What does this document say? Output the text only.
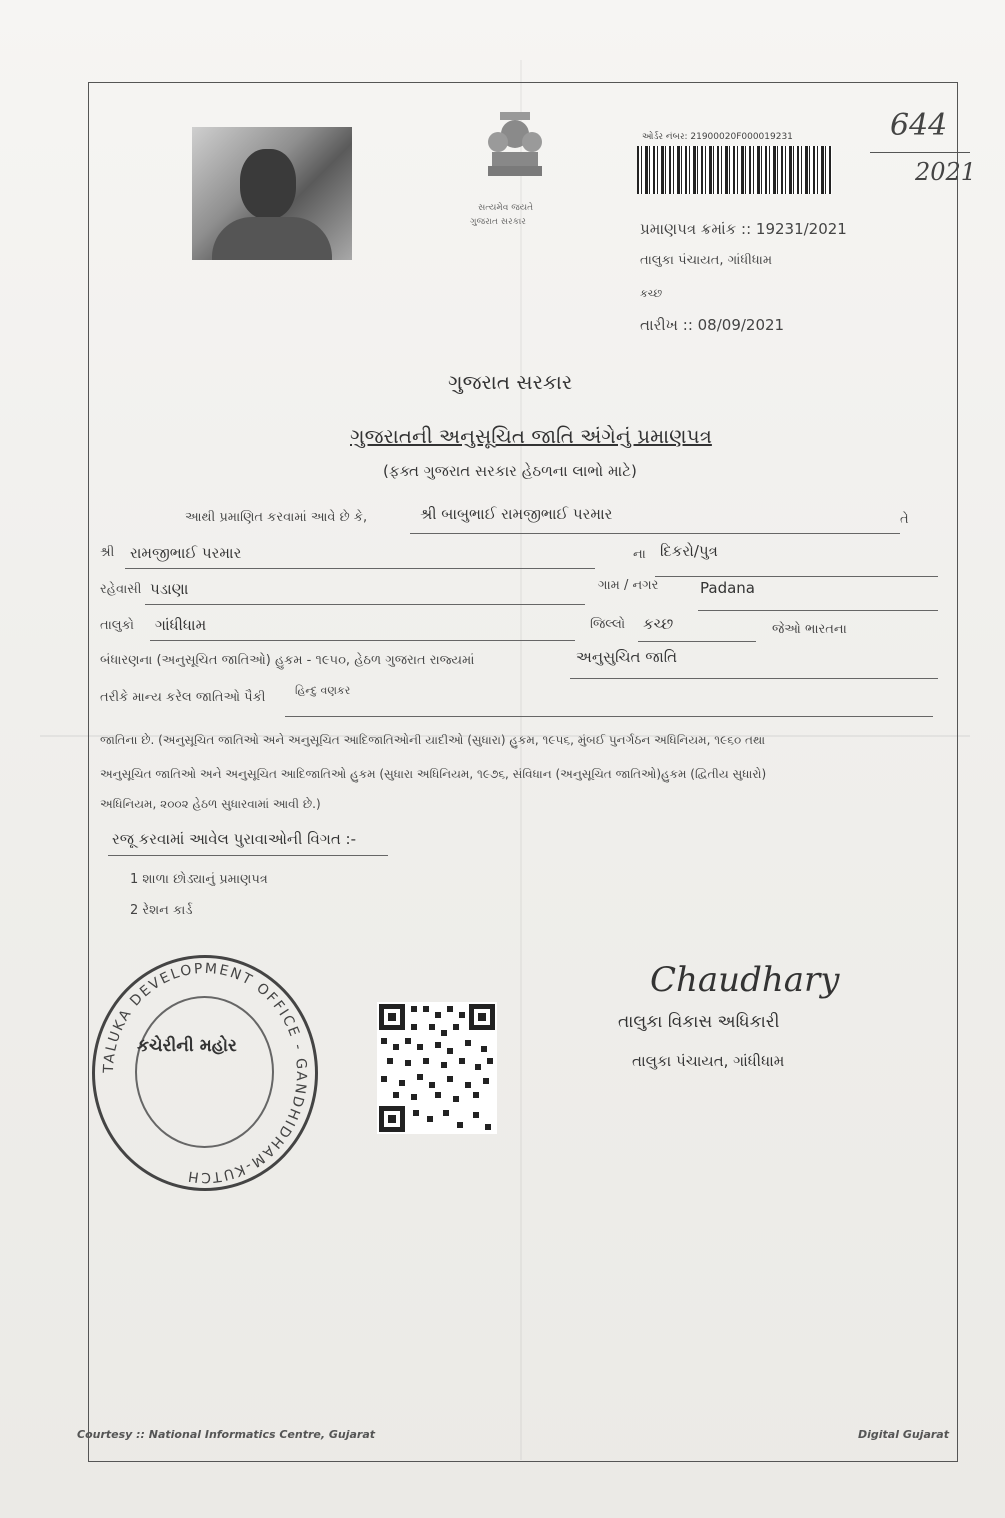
સત્યમેવ જયતે
ગુજરાત સરકાર
ઓર્ડર નંબર: 21900020F000019231	644
2021
પ્રમાણપત્ર ક્રમાંક :: 19231/2021
તાલુકા પંચાયત, ગાંધીધામ
કચ્છ
તારીખ :: 08/09/2021
ગુજરાત સરકાર
ગુજરાતની અનુસૂચિત જાતિ અંગેનું પ્રમાણપત્ર
(ફક્ત ગુજરાત સરકાર હેઠળના લાભો માટે)
આથી પ્રમાણિત કરવામાં આવે છે કે,	શ્રી બાબુભાઈ રામજીભાઈ પરમાર	તે
શ્રી રામજીભાઈ પરમાર	ના દિકરો/પુત્ર
રહેવાસી પડાણા	ગામ / નગર	Padana
તાલુકો ગાંધીધામ	જિલ્લો કચ્છ	જેઓ ભારતના
બંધારણના (અનુસૂચિત જાતિઓ) હુકમ - ૧૯૫૦, હેઠળ ગુજરાત રાજ્યમાં	અનુસુચિત જાતિ
તરીકે માન્ય કરેલ જાતિઓ પૈકી	હિન્દુ વણકર
જાતિના છે. (અનુસૂચિત જાતિઓ અને અનુસૂચિત આદિજાતિઓની યાદીઓ (સુધારા) હુકમ, ૧૯૫૬, મુંબઈ પુનર્ગઠન અધિનિયમ, ૧૯૬૦ તથા
અનુસૂચિત જાતિઓ અને અનુસૂચિત આદિજાતિઓ હુકમ (સુધારા અધિનિયમ, ૧૯૭૬, સંવિધાન (અનુસૂચિત જાતિઓ)હુકમ (દ્વિતીય સુધારો)
અધિનિયમ, ૨૦૦૨ હેઠળ સુધારવામાં આવી છે.)
રજૂ કરવામાં આવેલ પુરાવાઓની વિગત :-
1 શાળા છોડ્યાનું પ્રમાણપત્ર
2 રેશન કાર્ડ
TALUKA DEVELOPMENT OFFICE - GANDHIDHAM-KUTCH
કચેરીની મહોર
Chaudhary
તાલુકા વિકાસ અધિકારી
તાલુકા પંચાયત, ગાંધીધામ
Courtesy :: National Informatics Centre, Gujarat	Digital Gujarat
